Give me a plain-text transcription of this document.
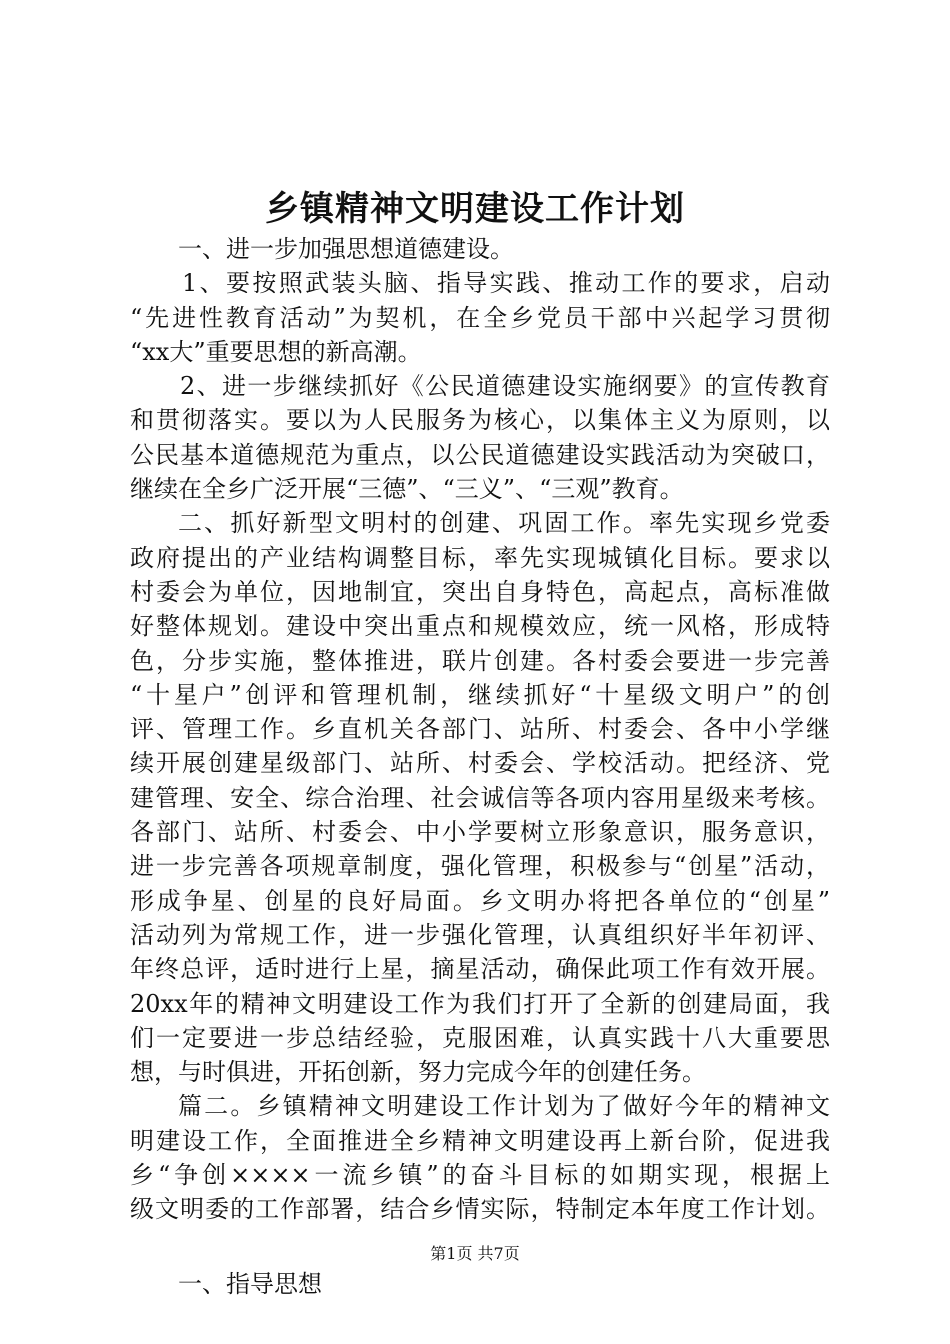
乡镇精神文明建设工作计划
一、进一步加强思想道德建设。
1、要按照武装头脑、指导实践、推动工作的要求，启动
“先进性教育活动”为契机，在全乡党员干部中兴起学习贯彻
“xx大”重要思想的新高潮。
2、进一步继续抓好《公民道德建设实施纲要》的宣传教育
和贯彻落实。要以为人民服务为核心，以集体主义为原则，以
公民基本道德规范为重点，以公民道德建设实践活动为突破口，
继续在全乡广泛开展“三德”、“三义”、“三观”教育。
二、抓好新型文明村的创建、巩固工作。率先实现乡党委
政府提出的产业结构调整目标，率先实现城镇化目标。要求以
村委会为单位，因地制宜，突出自身特色，高起点，高标准做
好整体规划。建设中突出重点和规模效应，统一风格，形成特
色，分步实施，整体推进，联片创建。各村委会要进一步完善
“十星户”创评和管理机制，继续抓好“十星级文明户”的创
评、管理工作。乡直机关各部门、站所、村委会、各中小学继
续开展创建星级部门、站所、村委会、学校活动。把经济、党
建管理、安全、综合治理、社会诚信等各项内容用星级来考核。
各部门、站所、村委会、中小学要树立形象意识，服务意识，
进一步完善各项规章制度，强化管理，积极参与“创星”活动，
形成争星、创星的良好局面。乡文明办将把各单位的“创星”
活动列为常规工作，进一步强化管理，认真组织好半年初评、
年终总评，适时进行上星，摘星活动，确保此项工作有效开展。
20xx年的精神文明建设工作为我们打开了全新的创建局面，我
们一定要进一步总结经验，克服困难，认真实践十八大重要思
想，与时俱进，开拓创新，努力完成今年的创建任务。
篇二。乡镇精神文明建设工作计划为了做好今年的精神文
明建设工作，全面推进全乡精神文明建设再上新台阶，促进我
乡“争创××××一流乡镇”的奋斗目标的如期实现，根据上
级文明委的工作部署，结合乡情实际，特制定本年度工作计划。
一、指导思想
第1页 共7页
